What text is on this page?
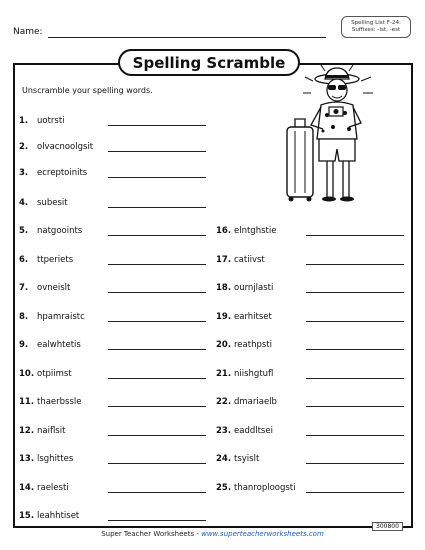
Name:
Spelling List F-24:
Suffixes: -ist, -est
Spelling Scramble
Unscramble your spelling words.
1. uotrsti
2. olvacnoolgsit
3. ecreptoinits
4. subesit
5. natgooints
6. ttperiets
7. ovneislt
8. hpamraistc
9. ealwhtetis
10. otpiimst
11. thaerbssle
12. naiflsit
13. lsghittes
14. raelesti
15. leahhtiset
16. elntghstie
17. catiivst
18. ournjlasti
19. earhitset
20. reathpsti
21. niishgtufl
22. dmariaelb
23. eaddltsei
24. tsyislt
25. thanroploogsti
Super Teacher Worksheets - www.superteacherworksheets.com
300800
